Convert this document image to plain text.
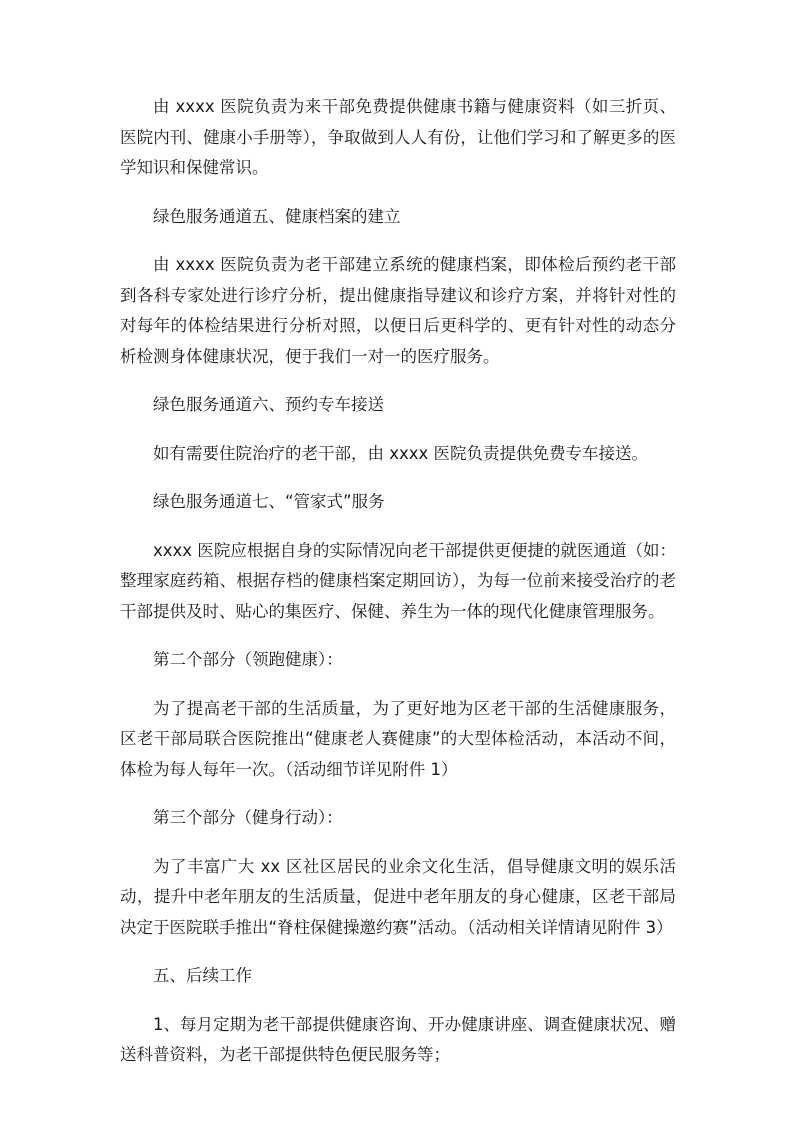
由 xxxx 医院负责为来干部免费提供健康书籍与健康资料（如三折页、医院内刊、健康小手册等），争取做到人人有份，让他们学习和了解更多的医学知识和保健常识。

绿色服务通道五、健康档案的建立

由 xxxx 医院负责为老干部建立系统的健康档案，即体检后预约老干部到各科专家处进行诊疗分析，提出健康指导建议和诊疗方案，并将针对性的对每年的体检结果进行分析对照，以便日后更科学的、更有针对性的动态分析检测身体健康状况，便于我们一对一的医疗服务。

绿色服务通道六、预约专车接送

如有需要住院治疗的老干部，由 xxxx 医院负责提供免费专车接送。

绿色服务通道七、“管家式”服务

xxxx 医院应根据自身的实际情况向老干部提供更便捷的就医通道（如：整理家庭药箱、根据存档的健康档案定期回访），为每一位前来接受治疗的老干部提供及时、贴心的集医疗、保健、养生为一体的现代化健康管理服务。

第二个部分（领跑健康）：

为了提高老干部的生活质量，为了更好地为区老干部的生活健康服务，区老干部局联合医院推出“健康老人赛健康”的大型体检活动，本活动不间，体检为每人每年一次。（活动细节详见附件 1）

第三个部分（健身行动）：

为了丰富广大 xx 区社区居民的业余文化生活，倡导健康文明的娱乐活动，提升中老年朋友的生活质量，促进中老年朋友的身心健康，区老干部局决定于医院联手推出“脊柱保健操邀约赛”活动。（活动相关详情请见附件 3）

五、后续工作

1、每月定期为老干部提供健康咨询、开办健康讲座、调查健康状况、赠送科普资料，为老干部提供特色便民服务等；
